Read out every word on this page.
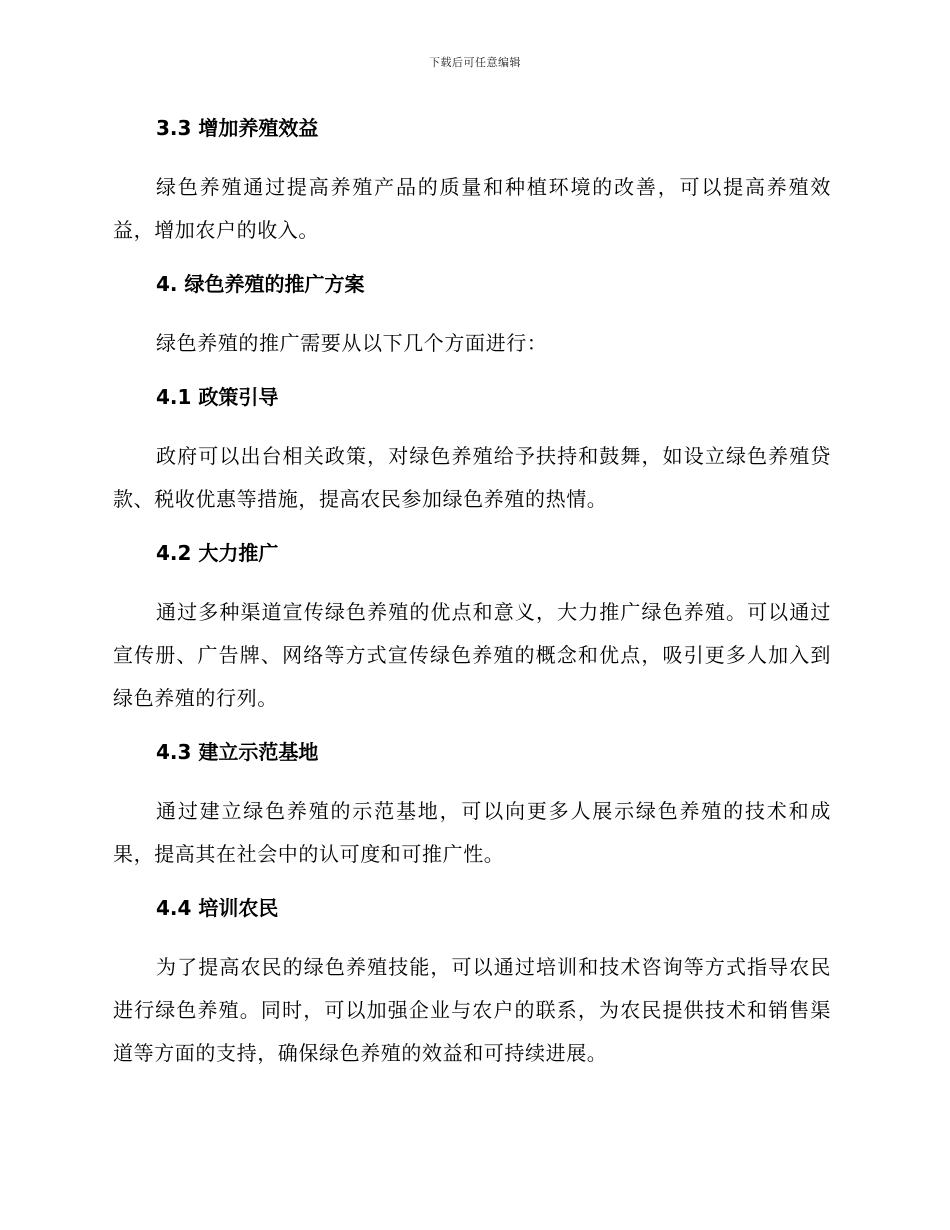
下载后可任意编辑
3.3 增加养殖效益

绿色养殖通过提高养殖产品的质量和种植环境的改善，可以提高养殖效益，增加农户的收入。

4. 绿色养殖的推广方案

绿色养殖的推广需要从以下几个方面进行：

4.1 政策引导

政府可以出台相关政策，对绿色养殖给予扶持和鼓舞，如设立绿色养殖贷款、税收优惠等措施，提高农民参加绿色养殖的热情。

4.2 大力推广

通过多种渠道宣传绿色养殖的优点和意义，大力推广绿色养殖。可以通过宣传册、广告牌、网络等方式宣传绿色养殖的概念和优点，吸引更多人加入到绿色养殖的行列。

4.3 建立示范基地

通过建立绿色养殖的示范基地，可以向更多人展示绿色养殖的技术和成果，提高其在社会中的认可度和可推广性。

4.4 培训农民

为了提高农民的绿色养殖技能，可以通过培训和技术咨询等方式指导农民进行绿色养殖。同时，可以加强企业与农户的联系，为农民提供技术和销售渠道等方面的支持，确保绿色养殖的效益和可持续进展。
